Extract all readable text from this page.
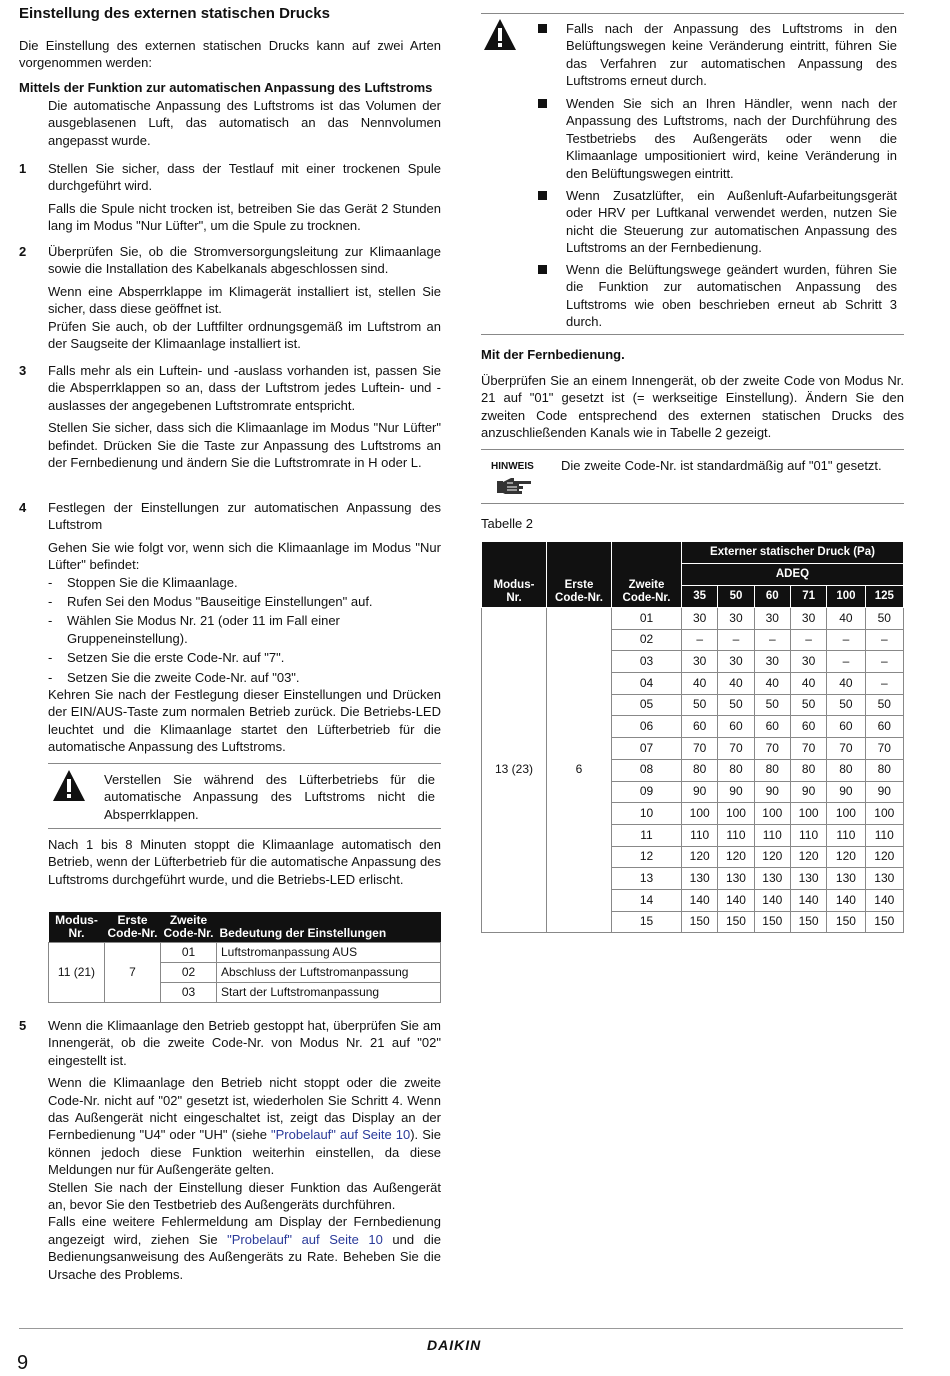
Einstellung des externen statischen Drucks

Die Einstellung des externen statischen Drucks kann auf zwei Arten vorgenommen werden:

Mittels der Funktion zur automatischen Anpassung des Luftstroms

Die automatische Anpassung des Luftstroms ist das Volumen der ausgeblasenen Luft, das automatisch an das Nennvolumen angepasst wurde.

1 Stellen Sie sicher, dass der Testlauf mit einer trockenen Spule durchgeführt wird.

Falls die Spule nicht trocken ist, betreiben Sie das Gerät 2 Stunden lang im Modus "Nur Lüfter", um die Spule zu trocknen.

2 Überprüfen Sie, ob die Stromversorgungsleitung zur Klimaanlage sowie die Installation des Kabelkanals abgeschlossen sind.

Wenn eine Absperrklappe im Klimagerät installiert ist, stellen Sie sicher, dass diese geöffnet ist.

Prüfen Sie auch, ob der Luftfilter ordnungsgemäß im Luftstrom an der Saugseite der Klimaanlage installiert ist.

3 Falls mehr als ein Luftein- und -auslass vorhanden ist, passen Sie die Absperrklappen so an, dass der Luftstrom jedes Luftein- und -auslasses der angegebenen Luftstromrate entspricht.

Stellen Sie sicher, dass sich die Klimaanlage im Modus "Nur Lüfter" befindet. Drücken Sie die Taste zur Anpassung des Luftstroms an der Fernbedienung und ändern Sie die Luftstromrate in H oder L.

4 Festlegen der Einstellungen zur automatischen Anpassung des Luftstrom

Gehen Sie wie folgt vor, wenn sich die Klimaanlage im Modus "Nur Lüfter" befindet:

-	Stoppen Sie die Klimaanlage.
-	Rufen Sei den Modus "Bauseitige Einstellungen" auf.
-	Wählen Sie Modus Nr. 21 (oder 11 im Fall einer Gruppeneinstellung).
-	Setzen Sie die erste Code-Nr. auf "7".
-	Setzen Sie die zweite Code-Nr. auf "03".

Kehren Sie nach der Festlegung dieser Einstellungen und Drücken der EIN/AUS-Taste zum normalen Betrieb zurück. Die Betriebs-LED leuchtet und die Klimaanlage startet den Lüfterbetrieb für die automatische Anpassung des Luftstroms.

Verstellen Sie während des Lüfterbetriebs für die automatische Anpassung des Luftstroms nicht die Absperrklappen.

Nach 1 bis 8 Minuten stoppt die Klimaanlage automatisch den Betrieb, wenn der Lüfterbetrieb für die automatische Anpassung des Luftstroms durchgeführt wurde, und die Betriebs-LED erlischt.

Modus-
Nr.	Erste
Code-Nr.	Zweite
Code-Nr.	Bedeutung der Einstellungen
11 (21)	7	01	Luftstromanpassung AUS
		02	Abschluss der Luftstromanpassung
		03	Start der Luftstromanpassung
5 Wenn die Klimaanlage den Betrieb gestoppt hat, überprüfen Sie am Innengerät, ob die zweite Code-Nr. von Modus Nr. 21 auf "02" eingestellt ist.

Wenn die Klimaanlage den Betrieb nicht stoppt oder die zweite Code-Nr. nicht auf "02" gesetzt ist, wiederholen Sie Schritt 4. Wenn das Außengerät nicht eingeschaltet ist, zeigt das Display an der Fernbedienung "U4" oder "UH" (siehe "Probelauf" auf Seite 10). Sie können jedoch diese Funktion weiterhin einstellen, da diese Meldungen nur für Außengeräte gelten.

Stellen Sie nach der Einstellung dieser Funktion das Außengerät an, bevor Sie den Testbetrieb des Außengeräts durchführen.

Falls eine weitere Fehlermeldung am Display der Fernbedienung angezeigt wird, ziehen Sie "Probelauf" auf Seite 10 und die Bedienungsanweisung des Außengeräts zu Rate. Beheben Sie die Ursache des Problems.

Falls nach der Anpassung des Luftstroms in den Belüftungswegen keine Veränderung eintritt, führen Sie das Verfahren zur automatischen Anpassung des Luftstroms erneut durch.

Wenden Sie sich an Ihren Händler, wenn nach der Anpassung des Luftstroms, nach der Durchführung des Testbetriebs des Außengeräts oder wenn die Klimaanlage umpositioniert wird, keine Veränderung in den Belüftungswegen eintritt.

Wenn Zusatzlüfter, ein Außenluft-Aufarbeitungsgerät oder HRV per Luftkanal verwendet werden, nutzen Sie nicht die Steuerung zur automatischen Anpassung des Luftstroms an der Fernbedienung.

Wenn die Belüftungswege geändert wurden, führen Sie die Funktion zur automatischen Anpassung des Luftstroms wie oben beschrieben erneut ab Schritt 3 durch.

Mit der Fernbedienung.

Überprüfen Sie an einem Innengerät, ob der zweite Code von Modus Nr. 21 auf "01" gesetzt ist (= werkseitige Einstellung). Ändern Sie den zweiten Code entsprechend des externen statischen Drucks des anzuschließenden Kanals wie in Tabelle 2 gezeigt.

HINWEIS Die zweite Code-Nr. ist standardmäßig auf "01" gesetzt.

Tabelle 2

Modus-
Nr.	Erste
Code-Nr.	Zweite
Code-Nr.	Externer statischer Druck (Pa)					
			ADEQ					
			35	50	60	71	100	125
13 (23)	6	01	30	30	30	30	40	50
		02	–	–	–	–	–	–
		03	30	30	30	30	–	–
		04	40	40	40	40	40	–
		05	50	50	50	50	50	50
		06	60	60	60	60	60	60
		07	70	70	70	70	70	70
		08	80	80	80	80	80	80
		09	90	90	90	90	90	90
		10	100	100	100	100	100	100
		11	110	110	110	110	110	110
		12	120	120	120	120	120	120
		13	130	130	130	130	130	130
		14	140	140	140	140	140	140
		15	150	150	150	150	150	150
DAIKIN
9
